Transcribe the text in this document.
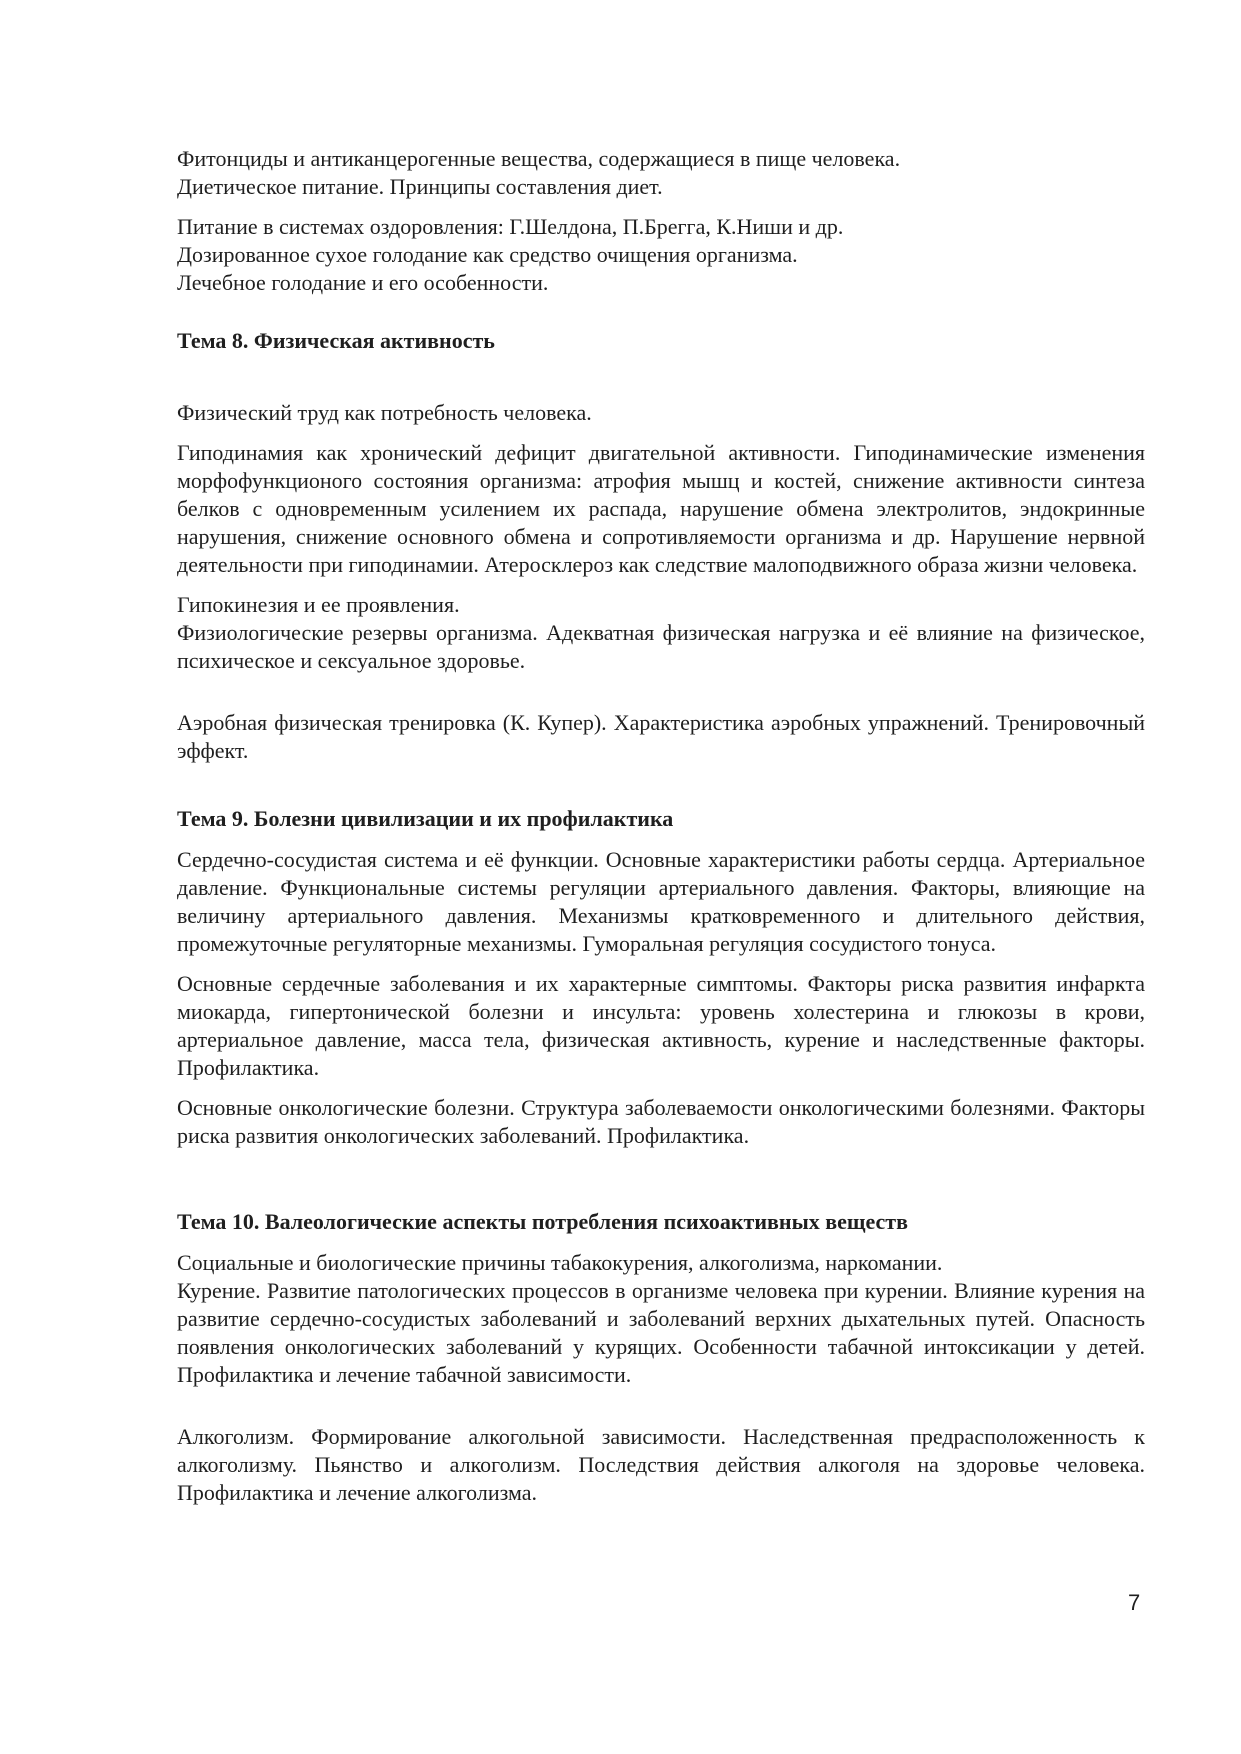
Фитонциды и антиканцерогенные вещества, содержащиеся в пище человека.
Диетическое питание. Принципы составления диет.

Питание в системах оздоровления: Г.Шелдона, П.Брегга, К.Ниши и др.
Дозированное сухое голодание как средство очищения организма.
Лечебное голодание и его особенности.

Тема 8. Физическая активность

Физический труд как потребность человека.

Гиподинамия как хронический дефицит двигательной активности. Гиподинамические изменения морфофункционого состояния организма: атрофия мышц и костей, снижение активности синтеза белков с одновременным усилением их распада, нарушение обмена электролитов, эндокринные нарушения, снижение основного обмена и сопротивляемости организма и др. Нарушение нервной деятельности при гиподинамии. Атеросклероз как следствие малоподвижного образа жизни человека.

Гипокинезия и ее проявления.
Физиологические резервы организма. Адекватная физическая нагрузка и её влияние на физическое, психическое и сексуальное здоровье.

Аэробная физическая тренировка (К. Купер). Характеристика аэробных упражнений. Тренировочный эффект.

Тема 9. Болезни цивилизации и их профилактика

Сердечно-сосудистая система и её функции. Основные характеристики работы сердца. Артериальное давление. Функциональные системы регуляции артериального давления. Факторы, влияющие на величину артериального давления. Механизмы кратковременного и длительного действия, промежуточные регуляторные механизмы. Гуморальная регуляция сосудистого тонуса.

Основные сердечные заболевания и их характерные симптомы. Факторы риска развития инфаркта миокарда, гипертонической болезни и инсульта: уровень холестерина и глюкозы в крови, артериальное давление, масса тела, физическая активность, курение и наследственные факторы. Профилактика.

Основные онкологические болезни. Структура заболеваемости онкологическими болезнями. Факторы риска развития онкологических заболеваний. Профилактика.

Тема 10. Валеологические аспекты потребления психоактивных веществ

Социальные и биологические причины табакокурения, алкоголизма, наркомании.
Курение. Развитие патологических процессов в организме человека при курении. Влияние курения на развитие сердечно-сосудистых заболеваний и заболеваний верхних дыхательных путей. Опасность появления онкологических заболеваний у курящих. Особенности табачной интоксикации у детей. Профилактика и лечение табачной зависимости.

Алкоголизм. Формирование алкогольной зависимости. Наследственная предрасположенность к алкоголизму. Пьянство и алкоголизм. Последствия действия алкоголя на здоровье человека. Профилактика и лечение алкоголизма.

7
